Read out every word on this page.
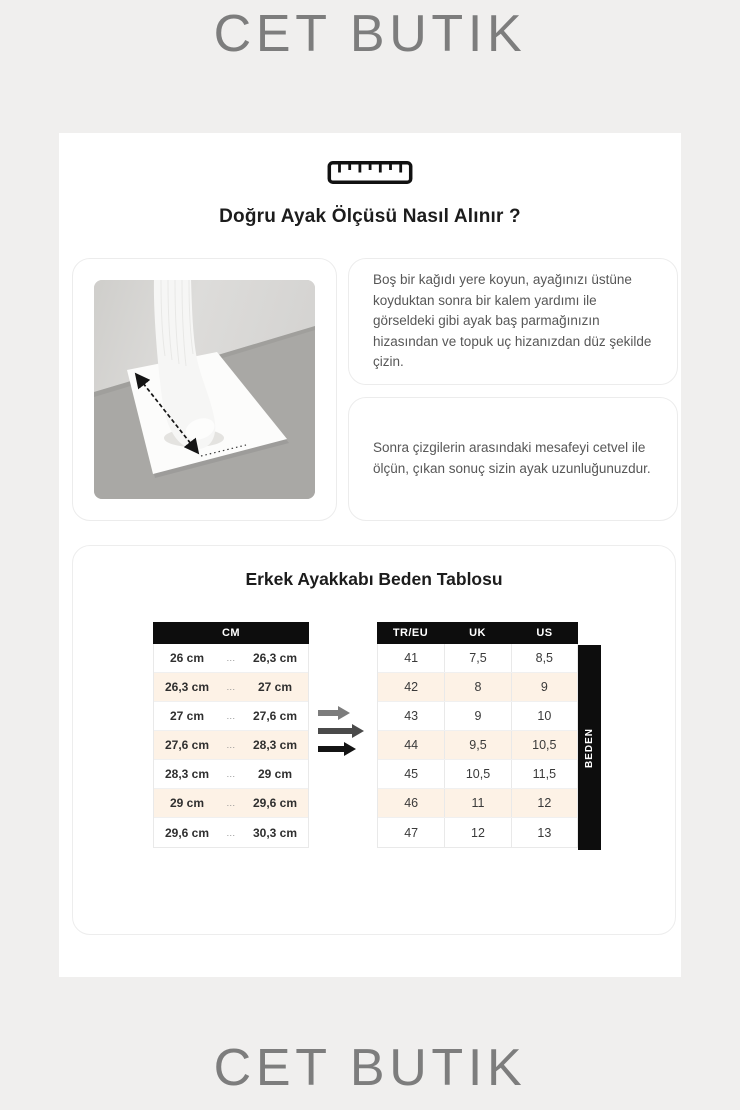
CET BUTIK
Doğru Ayak Ölçüsü Nasıl Alınır ?

Boş bir kağıdı yere koyun, ayağınızı üstüne koyduktan sonra bir kalem yardımı ile görseldeki gibi ayak baş parmağınızın hizasından ve topuk uç hizanızdan düz şekilde çizin.

Sonra çizgilerin arasındaki mesafeyi cetvel ile ölçün, çıkan sonuç sizin ayak uzunluğunuzdur.

Erkek Ayakkabı Beden Tablosu
CM
26 cm	...	26,3 cm
26,3 cm	...	27 cm
27 cm	...	27,6 cm
27,6 cm	...	28,3 cm
28,3 cm	...	29 cm
29 cm	...	29,6 cm
29,6 cm	...	30,3 cm
TR/EU	UK	US
41	7,5	8,5
42	8	9
43	9	10
44	9,5	10,5
45	10,5	11,5
46	11	12
47	12	13
BEDEN
CET BUTIK
